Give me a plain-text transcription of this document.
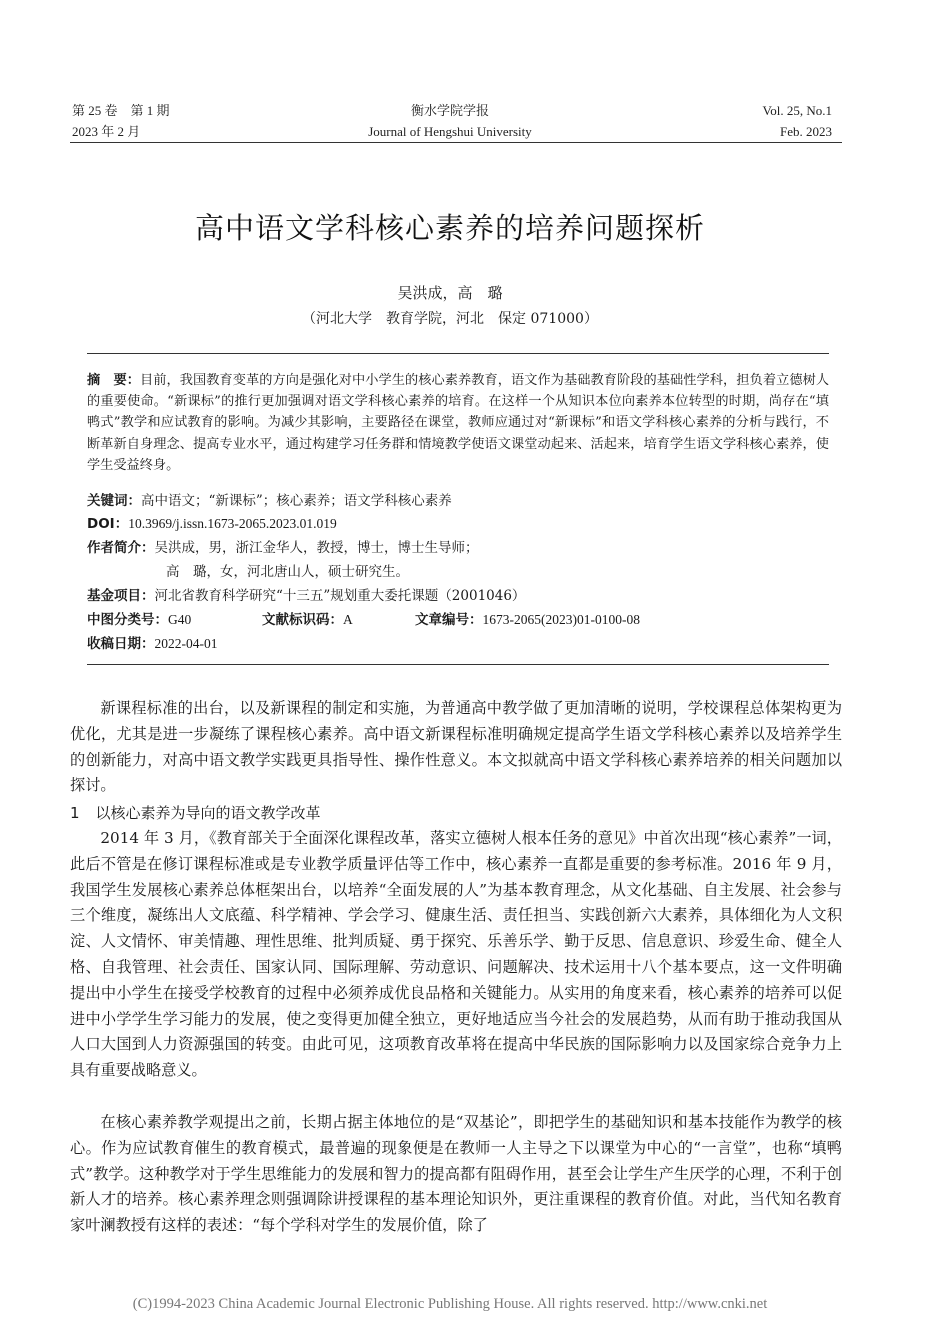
第 25 卷　第 1 期
2023 年 2 月
衡水学院学报
Journal of Hengshui University
Vol. 25, No.1
Feb. 2023
高中语文学科核心素养的培养问题探析
吴洪成，高　璐
（河北大学　教育学院，河北　保定 071000）
摘　要：目前，我国教育变革的方向是强化对中小学生的核心素养教育，语文作为基础教育阶段的基础性学科，担负着立德树人的重要使命。“新课标”的推行更加强调对语文学科核心素养的培育。在这样一个从知识本位向素养本位转型的时期，尚存在“填鸭式”教学和应试教育的影响。为减少其影响，主要路径在课堂，教师应通过对“新课标”和语文学科核心素养的分析与践行，不断革新自身理念、提高专业水平，通过构建学习任务群和情境教学使语文课堂动起来、活起来，培育学生语文学科核心素养，使学生受益终身。
关键词：高中语文；“新课标”；核心素养；语文学科核心素养
DOI：10.3969/j.issn.1673-2065.2023.01.019
作者简介：吴洪成，男，浙江金华人，教授，博士，博士生导师；
高　璐，女，河北唐山人，硕士研究生。
基金项目：河北省教育科学研究“十三五”规划重大委托课题（2001046）
中图分类号：G40	文献标识码：A	文章编号：1673-2065(2023)01-0100-08
收稿日期：2022-04-01

新课程标准的出台，以及新课程的制定和实施，为普通高中教学做了更加清晰的说明，学校课程总体架构更为优化，尤其是进一步凝练了课程核心素养。高中语文新课程标准明确规定提高学生语文学科核心素养以及培养学生的创新能力，对高中语文教学实践更具指导性、操作性意义。本文拟就高中语文学科核心素养培养的相关问题加以探讨。

1 以核心素养为导向的语文教学改革

2014 年 3 月，《教育部关于全面深化课程改革，落实立德树人根本任务的意见》中首次出现“核心素养”一词，此后不管是在修订课程标准或是专业教学质量评估等工作中，核心素养一直都是重要的参考标准。2016 年 9 月，我国学生发展核心素养总体框架出台，以培养“全面发展的人”为基本教育理念，从文化基础、自主发展、社会参与三个维度，凝练出人文底蕴、科学精神、学会学习、健康生活、责任担当、实践创新六大素养，具体细化为人文积淀、人文情怀、审美情趣、理性思维、批判质疑、勇于探究、乐善乐学、勤于反思、信息意识、珍爱生命、健全人格、自我管理、社会责任、国家认同、国际理解、劳动意识、问题解决、技术运用十八个基本要点，这一文件明确提出中小学生在接受学校教育的过程中必须养成优良品格和关键能力。从实用的角度来看，核心素养的培养可以促进中小学学生学习能力的发展，使之变得更加健全独立，更好地适应当今社会的发展趋势，从而有助于推动我国从人口大国到人力资源强国的转变。由此可见，这项教育改革将在提高中华民族的国际影响力以及国家综合竞争力上具有重要战略意义。

在核心素养教学观提出之前，长期占据主体地位的是“双基论”，即把学生的基础知识和基本技能作为教学的核心。作为应试教育催生的教育模式，最普遍的现象便是在教师一人主导之下以课堂为中心的“一言堂”，也称“填鸭式”教学。这种教学对于学生思维能力的发展和智力的提高都有阻碍作用，甚至会让学生产生厌学的心理，不利于创新人才的培养。核心素养理念则强调除讲授课程的基本理论知识外，更注重课程的教育价值。对此，当代知名教育家叶澜教授有这样的表述：“每个学科对学生的发展价值，除了

(C)1994-2023 China Academic Journal Electronic Publishing House. All rights reserved. http://www.cnki.net
